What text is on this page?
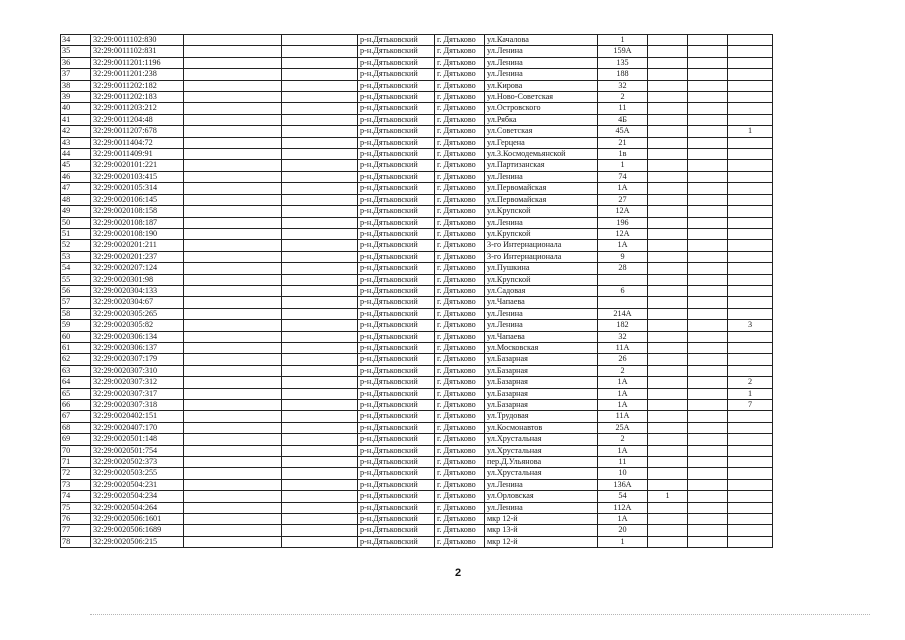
34	32:29:0011102:830			р-н.Дятьковский	г. Дятьково	ул.Качалова	1			
35	32:29:0011102:831			р-н.Дятьковский	г. Дятьково	ул.Ленина	159А			
36	32:29:0011201:1196			р-н.Дятьковский	г. Дятьково	ул.Ленина	135			
37	32:29:0011201:238			р-н.Дятьковский	г. Дятьково	ул.Ленина	188			
38	32:29:0011202:182			р-н.Дятьковский	г. Дятьково	ул.Кирова	32			
39	32:29:0011202:183			р-н.Дятьковский	г. Дятьково	ул.Ново-Советская	2			
40	32:29:0011203:212			р-н.Дятьковский	г. Дятьково	ул.Островского	11			
41	32:29:0011204:48			р-н.Дятьковский	г. Дятьково	ул.Рябка	4Б			
42	32:29:0011207:678			р-н.Дятьковский	г. Дятьково	ул.Советская	45А			1
43	32:29:0011404:72			р-н.Дятьковский	г. Дятьково	ул.Герцена	21			
44	32:29:0011409:91			р-н.Дятьковский	г. Дятьково	ул.3.Космодемьянской	1в			
45	32:29:0020101:221			р-н.Дятьковский	г. Дятьково	ул.Партизанская	1			
46	32:29:0020103:415			р-н.Дятьковский	г. Дятьково	ул.Ленина	74			
47	32:29:0020105:314			р-н.Дятьковский	г. Дятьково	ул.Первомайская	1А			
48	32:29:0020106:145			р-н.Дятьковский	г. Дятьково	ул.Первомайская	27			
49	32:29:0020108:158			р-н.Дятьковский	г. Дятьково	ул.Крупской	12А			
50	32:29:0020108:187			р-н.Дятьковский	г. Дятьково	ул.Ленина	196			
51	32:29:0020108:190			р-н.Дятьковский	г. Дятьково	ул.Крупской	12А			
52	32:29:0020201:211			р-н.Дятьковский	г. Дятьково	3-го Интернационала	1А			
53	32:29:0020201:237			р-н.Дятьковский	г. Дятьково	3-го Интернационала	9			
54	32:29:0020207:124			р-н.Дятьковский	г. Дятьково	ул.Пушкина	28			
55	32:29:0020301:98			р-н.Дятьковский	г. Дятьково	ул.Крупской				
56	32:29:0020304:133			р-н.Дятьковский	г. Дятьково	ул.Садовая	6			
57	32:29:0020304:67			р-н.Дятьковский	г. Дятьково	ул.Чапаева				
58	32:29:0020305:265			р-н.Дятьковский	г. Дятьково	ул.Ленина	214А			
59	32:29:0020305:82			р-н.Дятьковский	г. Дятьково	ул.Ленина	182			3
60	32:29:0020306:134			р-н.Дятьковский	г. Дятьково	ул.Чапаева	32			
61	32:29:0020306:137			р-н.Дятьковский	г. Дятьково	ул.Московская	11А			
62	32:29:0020307:179			р-н.Дятьковский	г. Дятьково	ул.Базарная	26			
63	32:29:0020307:310			р-н.Дятьковский	г. Дятьково	ул.Базарная	2			
64	32:29:0020307:312			р-н.Дятьковский	г. Дятьково	ул.Базарная	1А			2
65	32:29:0020307:317			р-н.Дятьковский	г. Дятьково	ул.Базарная	1А			1
66	32:29:0020307:318			р-н.Дятьковский	г. Дятьково	ул.Базарная	1А			7
67	32:29:0020402:151			р-н.Дятьковский	г. Дятьково	ул.Трудовая	11А			
68	32:29:0020407:170			р-н.Дятьковский	г. Дятьково	ул.Космонавтов	25А			
69	32:29:0020501:148			р-н.Дятьковский	г. Дятьково	ул.Хрустальная	2			
70	32:29:0020501:754			р-н.Дятьковский	г. Дятьково	ул.Хрустальная	1А			
71	32:29:0020502:373			р-н.Дятьковский	г. Дятьково	пер.Д.Ульянова	11			
72	32:29:0020503:255			р-н.Дятьковский	г. Дятьково	ул.Хрустальная	10			
73	32:29:0020504:231			р-н.Дятьковский	г. Дятьково	ул.Ленина	136А			
74	32:29:0020504:234			р-н.Дятьковский	г. Дятьково	ул.Орловская	54	1		
75	32:29:0020504:264			р-н.Дятьковский	г. Дятьково	ул.Ленина	112А			
76	32:29:0020506:1601			р-н.Дятьковский	г. Дятьково	мкр 12-й	1А			
77	32:29:0020506:1689			р-н.Дятьковский	г. Дятьково	мкр 13-й	20			
78	32:29:0020506:215			р-н.Дятьковский	г. Дятьково	мкр 12-й	1			
2
